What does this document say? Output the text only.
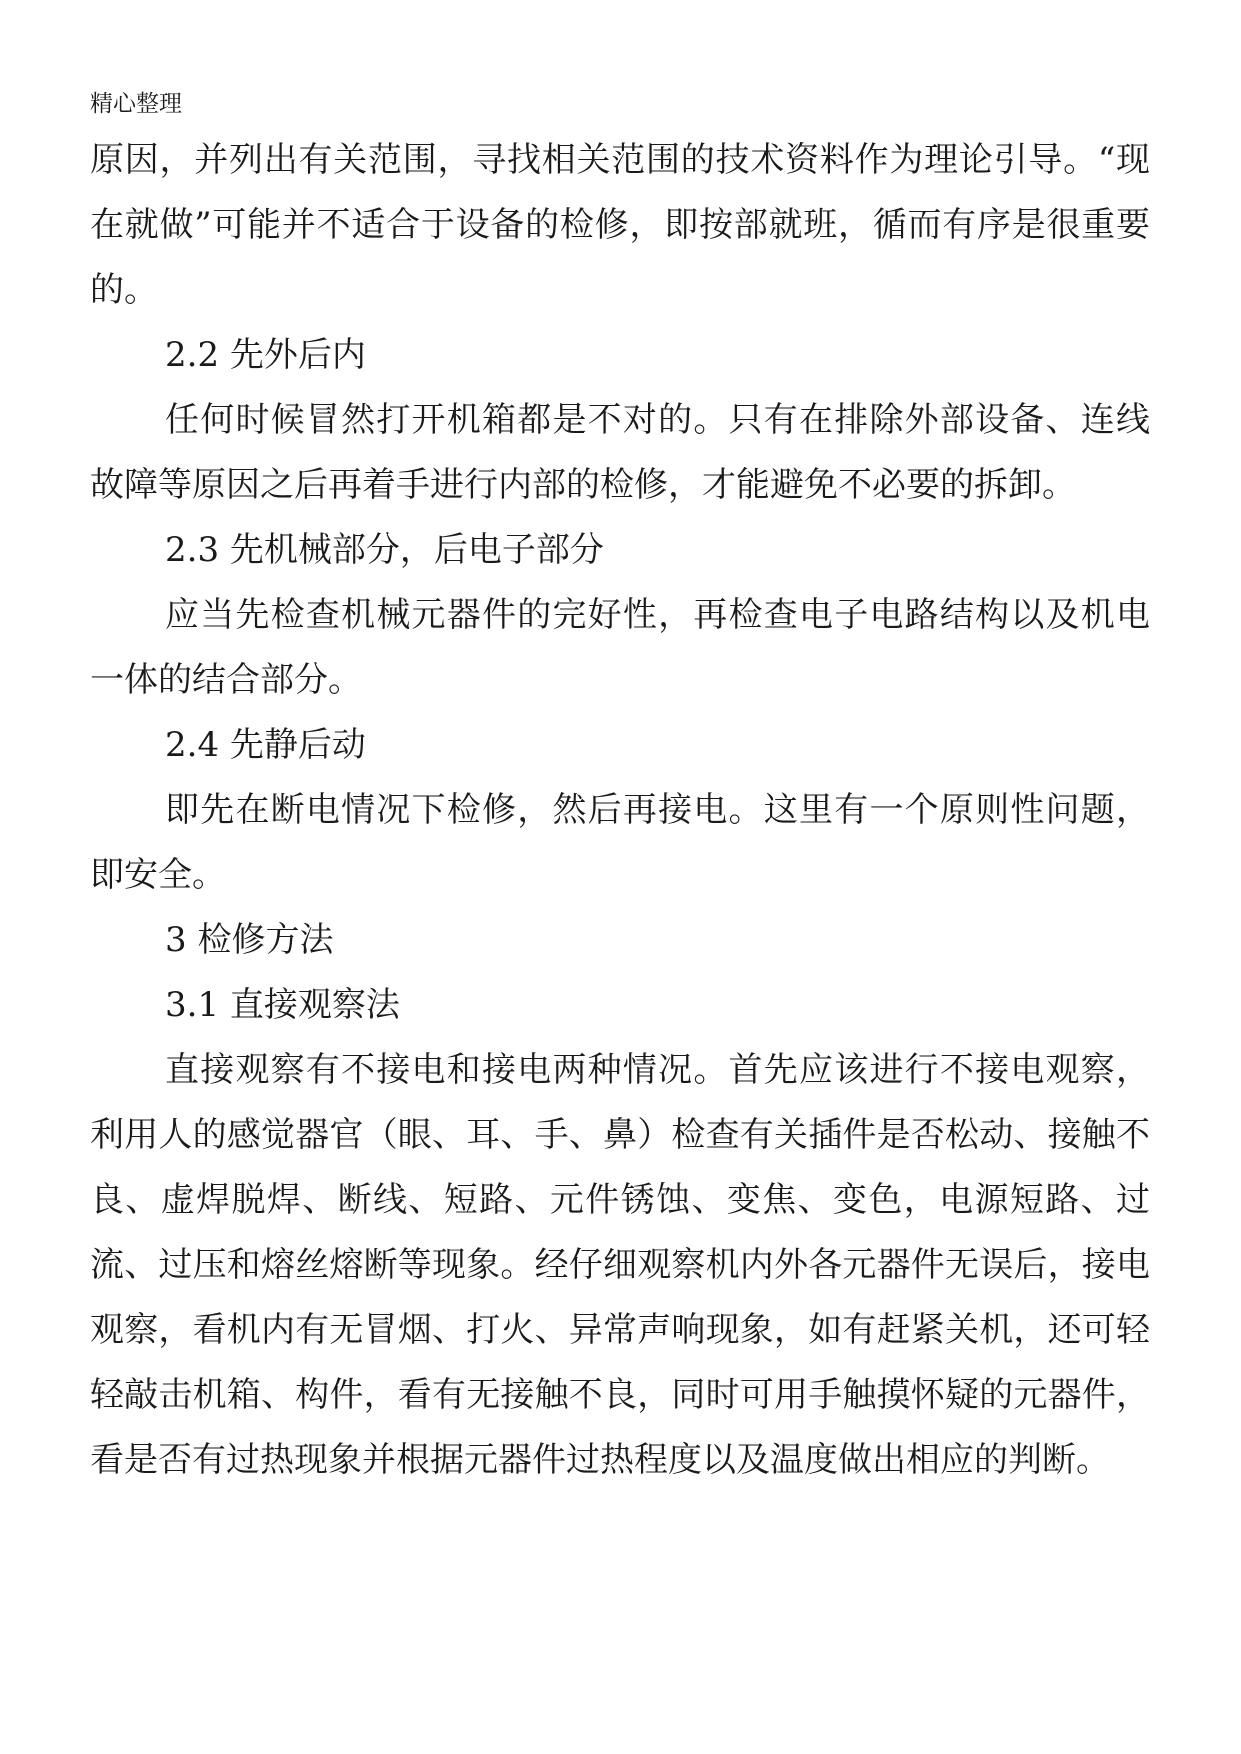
精心整理

原因，并列出有关范围，寻找相关范围的技术资料作为理论引导。“现在就做”可能并不适合于设备的检修，即按部就班，循而有序是很重要的。

2.2 先外后内

任何时候冒然打开机箱都是不对的。只有在排除外部设备、连线故障等原因之后再着手进行内部的检修，才能避免不必要的拆卸。

2.3 先机械部分，后电子部分

应当先检查机械元器件的完好性，再检查电子电路结构以及机电一体的结合部分。

2.4 先静后动

即先在断电情况下检修，然后再接电。这里有一个原则性问题，即安全。

3 检修方法

3.1 直接观察法

直接观察有不接电和接电两种情况。首先应该进行不接电观察，利用人的感觉器官（眼、耳、手、鼻）检查有关插件是否松动、接触不良、虚焊脱焊、断线、短路、元件锈蚀、变焦、变色，电源短路、过流、过压和熔丝熔断等现象。经仔细观察机内外各元器件无误后，接电观察，看机内有无冒烟、打火、异常声响现象，如有赶紧关机，还可轻轻敲击机箱、构件，看有无接触不良，同时可用手触摸怀疑的元器件，看是否有过热现象并根据元器件过热程度以及温度做出相应的判断。
